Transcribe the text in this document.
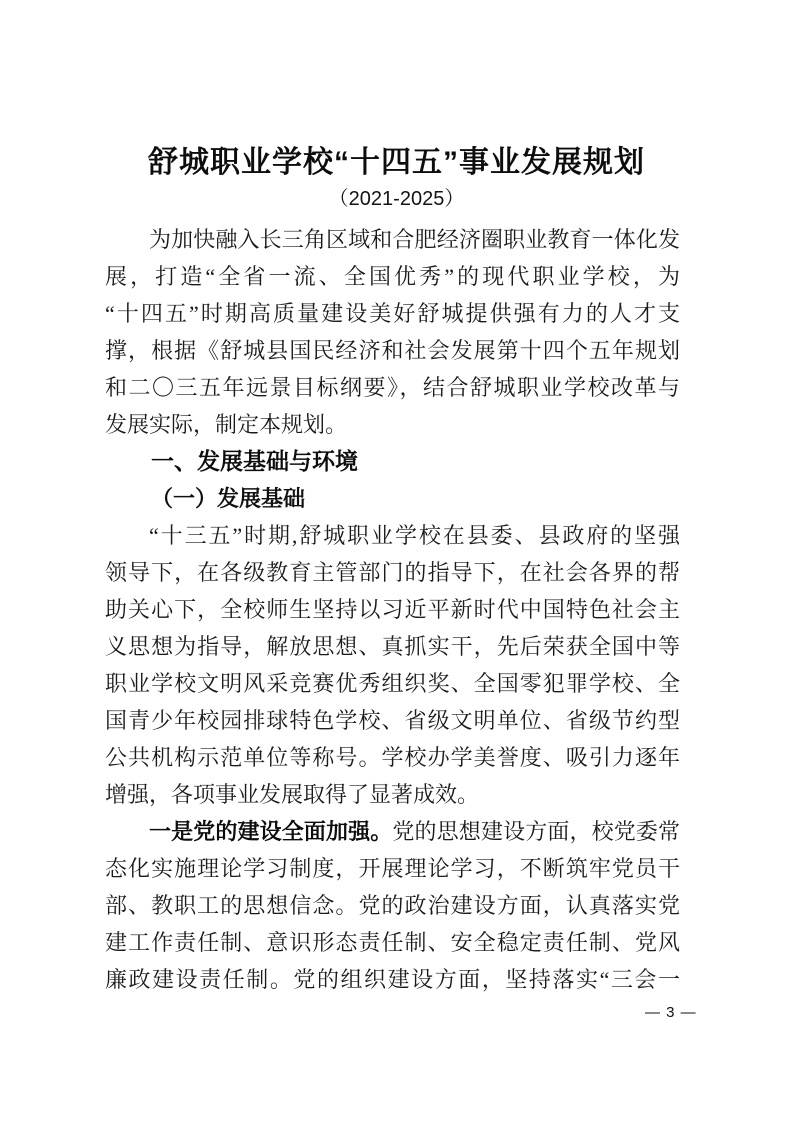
舒城职业学校“十四五”事业发展规划
（2021-2025）
为加快融入长三角区域和合肥经济圈职业教育一体化发
展，打造“全省一流、全国优秀”的现代职业学校，为
“十四五”时期高质量建设美好舒城提供强有力的人才支
撑，根据《舒城县国民经济和社会发展第十四个五年规划
和二〇三五年远景目标纲要》，结合舒城职业学校改革与
发展实际，制定本规划。
一、发展基础与环境
（一）发展基础
“十三五”时期,舒城职业学校在县委、县政府的坚强
领导下，在各级教育主管部门的指导下，在社会各界的帮
助关心下，全校师生坚持以习近平新时代中国特色社会主
义思想为指导，解放思想、真抓实干，先后荣获全国中等
职业学校文明风采竞赛优秀组织奖、全国零犯罪学校、全
国青少年校园排球特色学校、省级文明单位、省级节约型
公共机构示范单位等称号。学校办学美誉度、吸引力逐年
增强，各项事业发展取得了显著成效。
一是党的建设全面加强。党的思想建设方面，校党委常
态化实施理论学习制度，开展理论学习，不断筑牢党员干
部、教职工的思想信念。党的政治建设方面，认真落实党
建工作责任制、意识形态责任制、安全稳定责任制、党风
廉政建设责任制。党的组织建设方面，坚持落实“三会一
— 3 —
